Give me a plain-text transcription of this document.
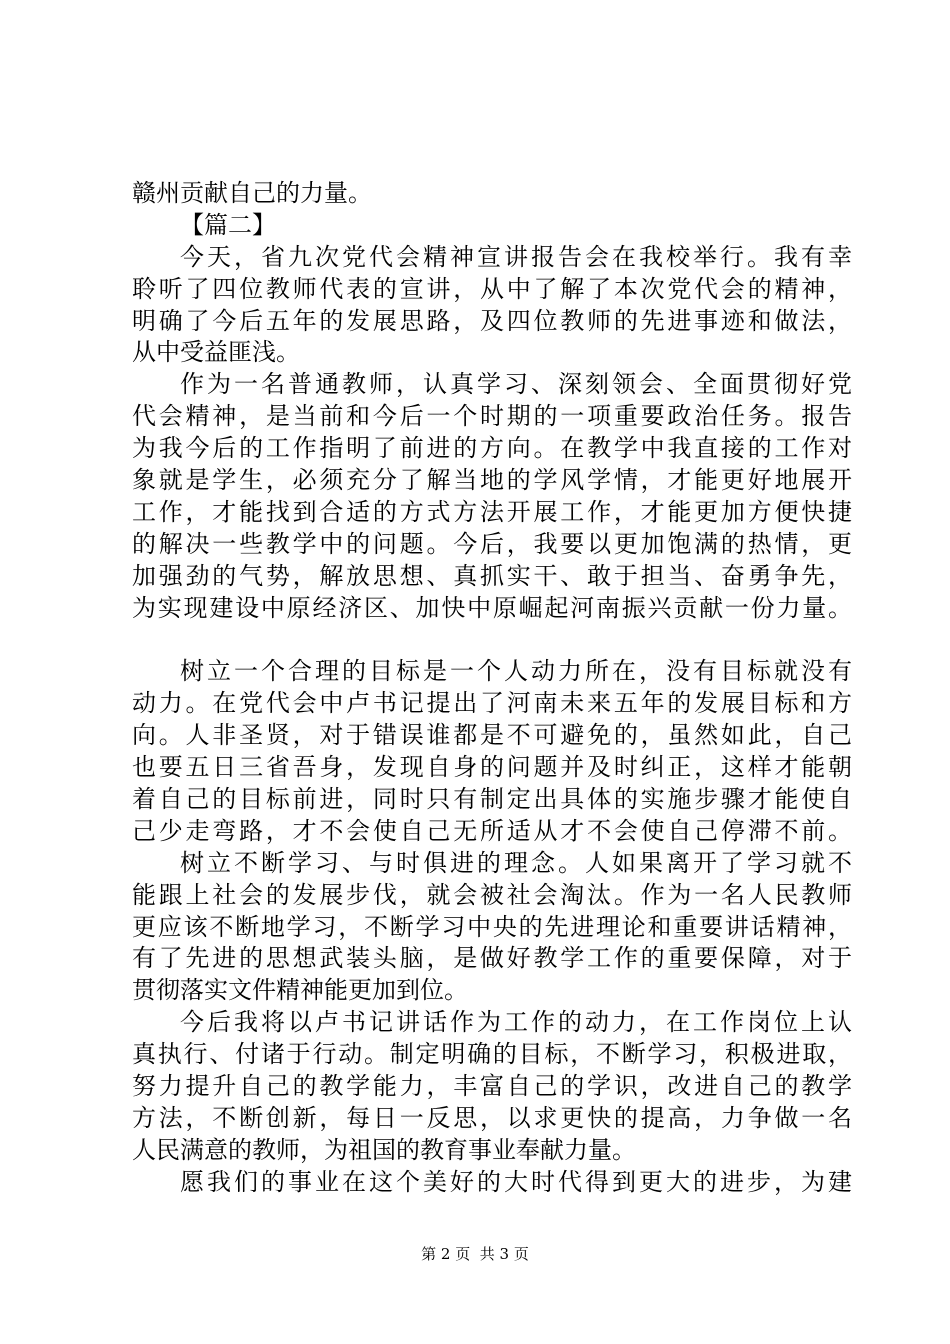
赣州贡献自己的力量。
【篇二】
今天，省九次党代会精神宣讲报告会在我校举行。我有幸
聆听了四位教师代表的宣讲，从中了解了本次党代会的精神，
明确了今后五年的发展思路，及四位教师的先进事迹和做法，
从中受益匪浅。
作为一名普通教师，认真学习、深刻领会、全面贯彻好党
代会精神，是当前和今后一个时期的一项重要政治任务。报告
为我今后的工作指明了前进的方向。在教学中我直接的工作对
象就是学生，必须充分了解当地的学风学情，才能更好地展开
工作，才能找到合适的方式方法开展工作，才能更加方便快捷
的解决一些教学中的问题。今后，我要以更加饱满的热情，更
加强劲的气势，解放思想、真抓实干、敢于担当、奋勇争先，
为实现建设中原经济区、加快中原崛起河南振兴贡献一份力量。
树立一个合理的目标是一个人动力所在，没有目标就没有
动力。在党代会中卢书记提出了河南未来五年的发展目标和方
向。人非圣贤，对于错误谁都是不可避免的，虽然如此，自己
也要五日三省吾身，发现自身的问题并及时纠正，这样才能朝
着自己的目标前进，同时只有制定出具体的实施步骤才能使自
己少走弯路，才不会使自己无所适从才不会使自己停滞不前。
树立不断学习、与时俱进的理念。人如果离开了学习就不
能跟上社会的发展步伐，就会被社会淘汰。作为一名人民教师
更应该不断地学习，不断学习中央的先进理论和重要讲话精神，
有了先进的思想武装头脑，是做好教学工作的重要保障，对于
贯彻落实文件精神能更加到位。
今后我将以卢书记讲话作为工作的动力，在工作岗位上认
真执行、付诸于行动。制定明确的目标，不断学习，积极进取，
努力提升自己的教学能力，丰富自己的学识，改进自己的教学
方法，不断创新，每日一反思，以求更快的提高，力争做一名
人民满意的教师，为祖国的教育事业奉献力量。
愿我们的事业在这个美好的大时代得到更大的进步，为建
第 2 页  共 3 页
